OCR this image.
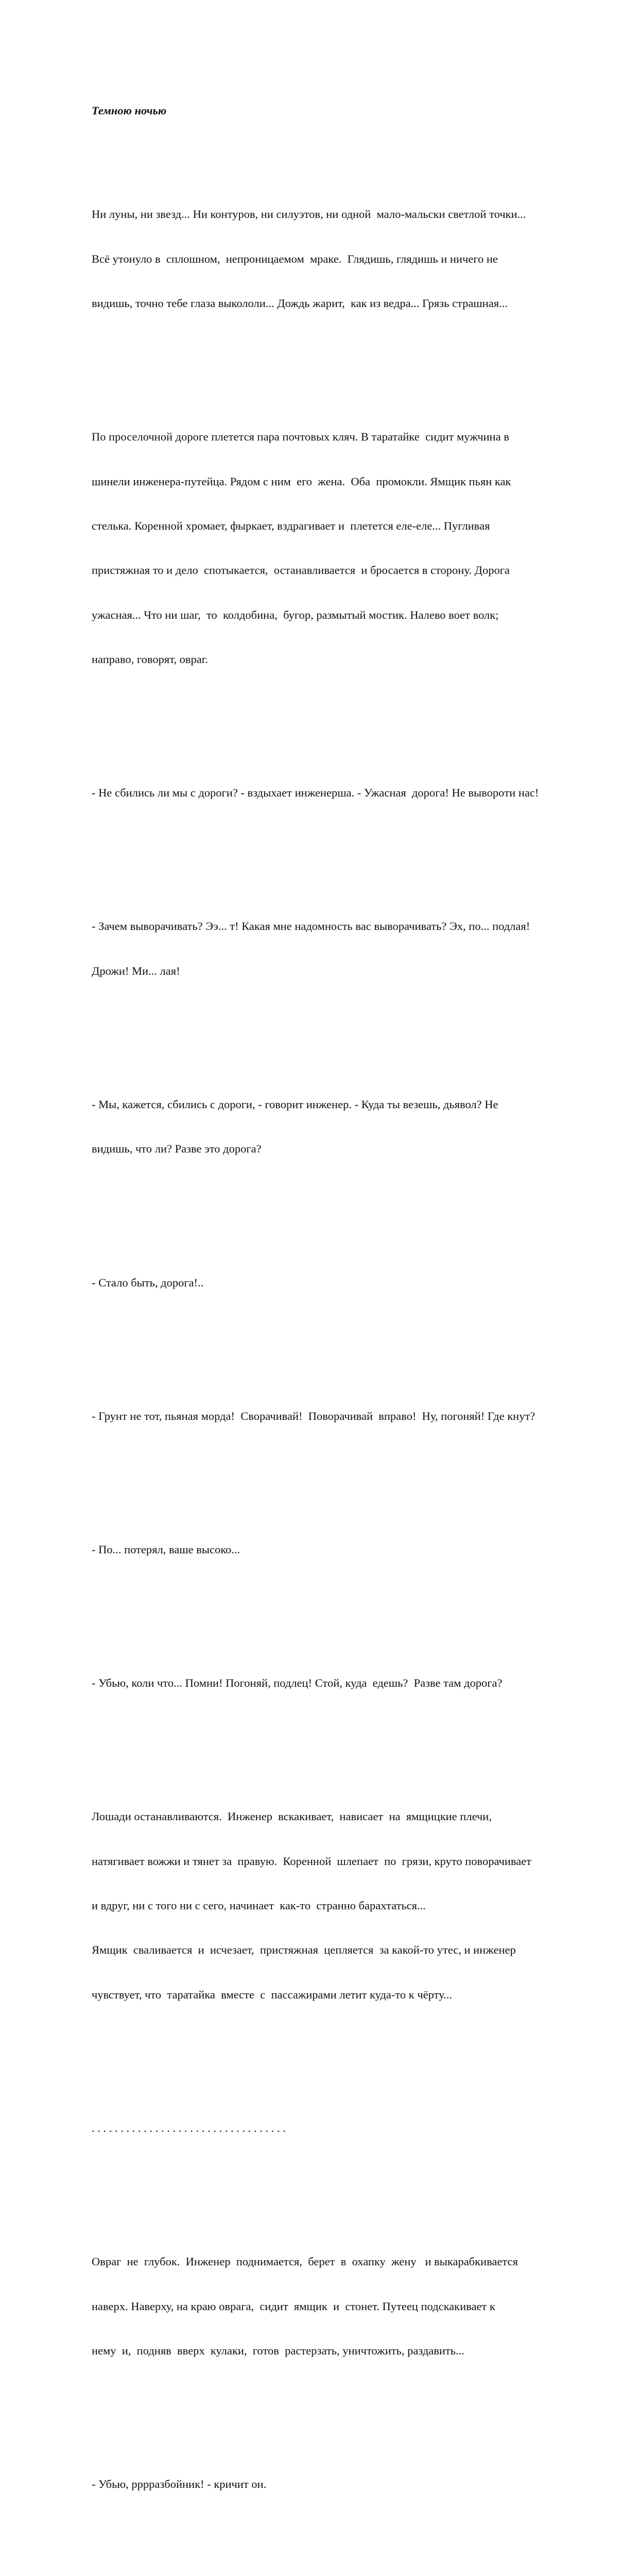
Темною ночью

Ни луны, ни звезд... Ни контуров, ни силуэтов, ни одной  мало-мальски светлой точки...

Всё утонуло в  сплошном,  непроницаемом  мраке.  Глядишь, глядишь и ничего не

видишь, точно тебе глаза выкололи... Дождь жарит,  как из ведра... Грязь страшная...

По проселочной дороге плетется пара почтовых кляч. В таратайке  сидит мужчина в

шинели инженера-путейца. Рядом с ним  его  жена.  Оба  промокли. Ямщик пьян как

стелька. Коренной хромает, фыркает, вздрагивает и  плетется еле-еле... Пугливая

пристяжная то и дело  спотыкается,  останавливается  и бросается в сторону. Дорога

ужасная... Что ни шаг,  то  колдобина,  бугор, размытый мостик. Налево воет волк;

направо, говорят, овраг.

- Не сбились ли мы с дороги? - вздыхает инженерша. - Ужасная  дорога! Не выворoти нас!

- Зачем выворачивать? Ээ... т! Какая мне надомность вас выворачивать? Эх, по... подлая!

Дрожи! Ми... лая!

- Мы, кажется, сбились с дороги, - говорит инженер. - Куда ты везешь, дьявол? Не

видишь, что ли? Разве это дорога?

- Стало быть, дорога!..

- Грунт не тот, пьяная морда!  Сворачивай!  Поворачивай  вправо!  Ну, погоняй! Где кнут?

- По... потерял, ваше высоко...

- Убью, коли что... Помни! Погоняй, подлец! Стой, куда  едешь?  Разве там дорога?

Лошади останавливаются.  Инженер  вскакивает,  нависает  на  ямщицкие плечи,

натягивает вожжи и тянет за  правую.  Коренной  шлепает  по  грязи, круто поворачивает

и вдруг, ни с того ни с сего, начинает  как-то  странно барахтаться...

Ямщик  сваливается  и  исчезает,  пристяжная  цепляется  за какой-то утес, и инженер

чувствует, что  таратайка  вместе  с  пассажирами летит куда-то к чёрту...

. . . . . . . . . . . . . . . . . . . . . . . . . . . . . . . . . .

Овраг  не  глубок.  Инженер  поднимается,  берет  в  охапку  жену   и выкарабкивается

наверх. Наверху, на краю оврага,  сидит  ямщик  и  стонет. Путеец подскакивает к

нему  и,  подняв  вверх  кулаки,  готов  растерзать, уничтожить, раздавить...

- Убью, рррразбойник! - кричит он.
